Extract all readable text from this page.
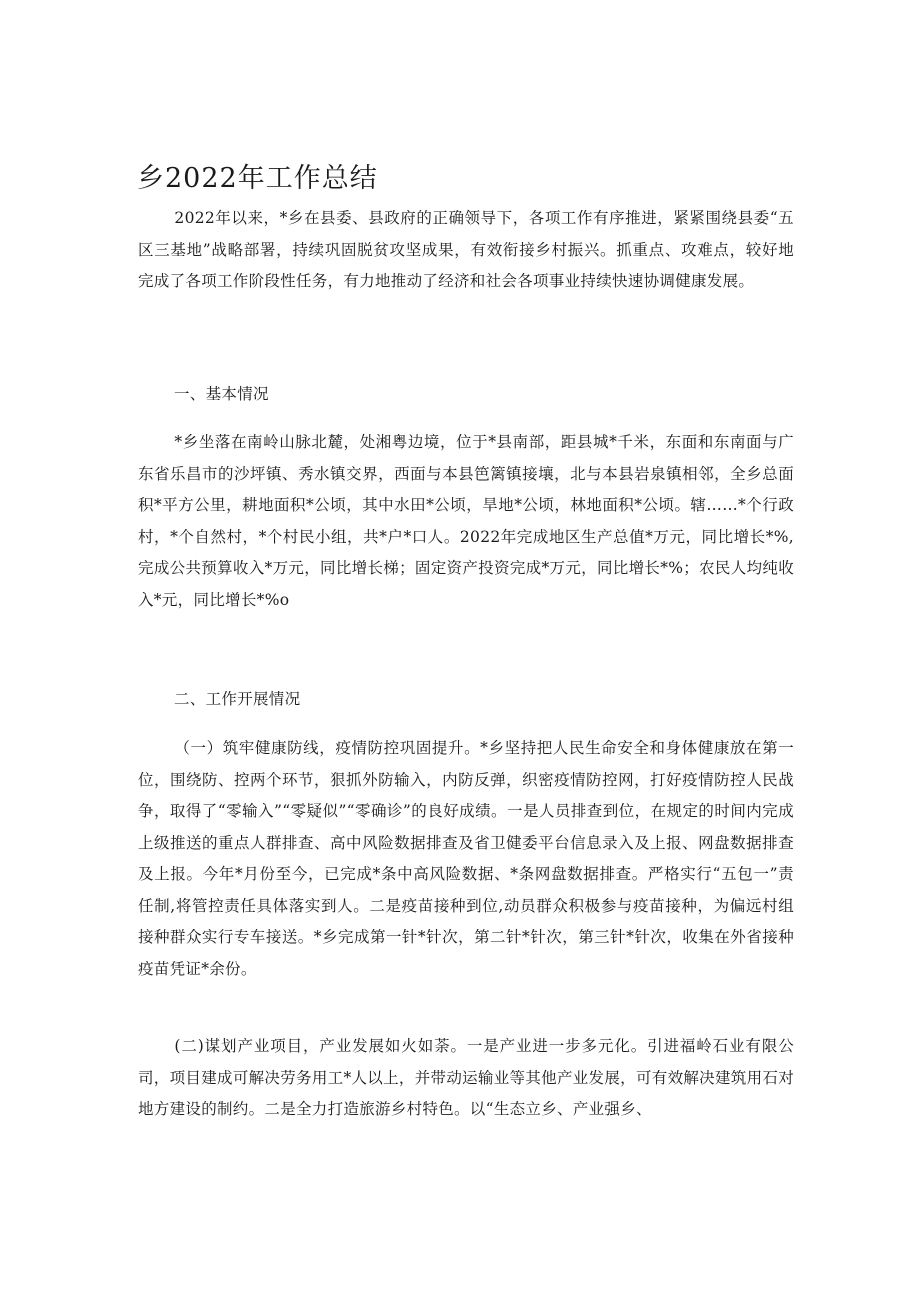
乡2022年工作总结

2022年以来，*乡在县委、县政府的正确领导下，各项工作有序推进，紧紧围绕县委“五区三基地”战略部署，持续巩固脱贫攻坚成果，有效衔接乡村振兴。抓重点、攻难点，较好地完成了各项工作阶段性任务，有力地推动了经济和社会各项事业持续快速协调健康发展。

一、基本情况

*乡坐落在南岭山脉北麓，处湘粤边境，位于*县南部，距县城*千米，东面和东南面与广东省乐昌市的沙坪镇、秀水镇交界，西面与本县笆篱镇接壤，北与本县岩泉镇相邻，全乡总面积*平方公里，耕地面积*公顷，其中水田*公顷，旱地*公顷，林地面积*公顷。辖……*个行政村，*个自然村，*个村民小组，共*户*口人。2022年完成地区生产总值*万元，同比增长*%,完成公共预算收入*万元，同比增长梯；固定资产投资完成*万元，同比增长*%；农民人均纯收入*元，同比增长*%o

二、工作开展情况

（一）筑牢健康防线，疫情防控巩固提升。*乡坚持把人民生命安全和身体健康放在第一位，围绕防、控两个环节，狠抓外防输入，内防反弹，织密疫情防控网，打好疫情防控人民战争，取得了“零输入”“零疑似”“零确诊”的良好成绩。一是人员排查到位，在规定的时间内完成上级推送的重点人群排查、高中风险数据排查及省卫健委平台信息录入及上报、网盘数据排查及上报。今年*月份至今，已完成*条中高风险数据、*条网盘数据排查。严格实行“五包一”责任制,将管控责任具体落实到人。二是疫苗接种到位,动员群众积极参与疫苗接种，为偏远村组接种群众实行专车接送。*乡完成第一针*针次，第二针*针次，第三针*针次，收集在外省接种疫苗凭证*余份。

(二)谋划产业项目，产业发展如火如荼。一是产业进一步多元化。引进福岭石业有限公司，项目建成可解决劳务用工*人以上，并带动运输业等其他产业发展，可有效解决建筑用石对地方建设的制约。二是全力打造旅游乡村特色。以“生态立乡、产业强乡、
